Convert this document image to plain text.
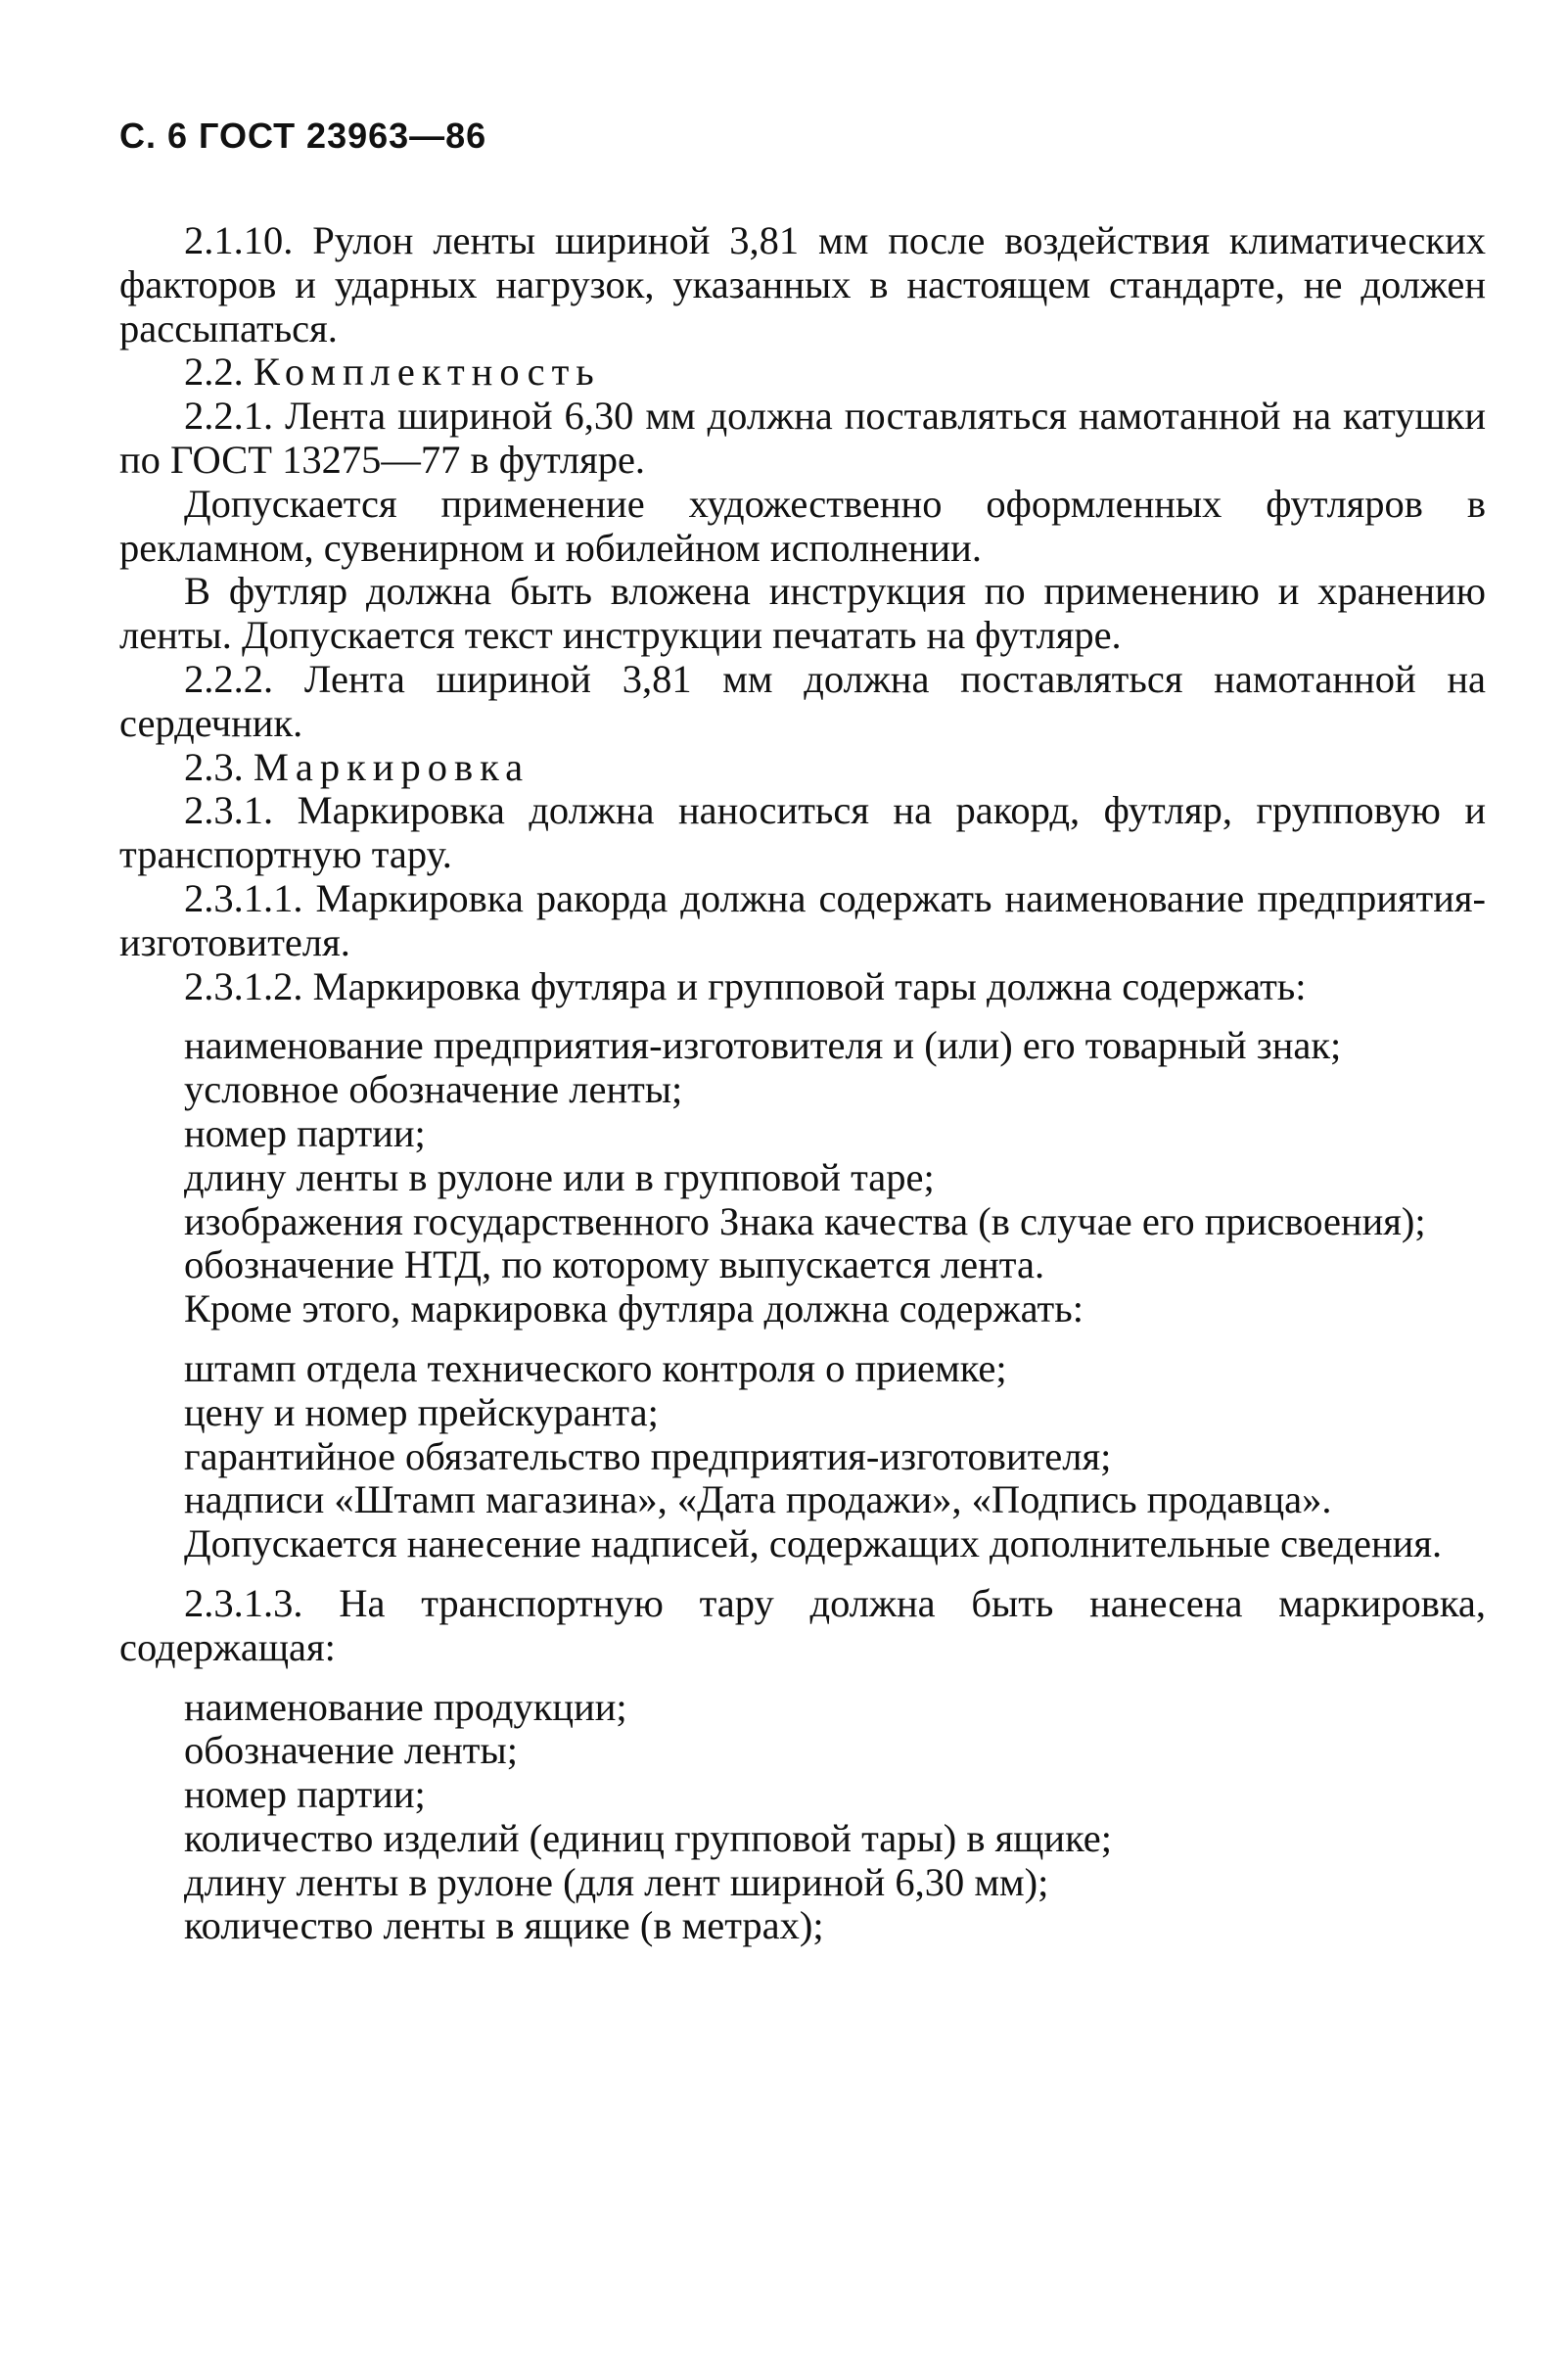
С. 6 ГОСТ 23963—86

2.1.10. Рулон ленты шириной 3,81 мм после воздействия климатических факторов и ударных нагрузок, указанных в настоящем стандарте, не должен рассыпаться.

2.2. Комплектность

2.2.1. Лента шириной 6,30 мм должна поставляться намотанной на катушки по ГОСТ 13275—77 в футляре.

Допускается применение художественно оформленных футляров в рекламном, сувенирном и юбилейном исполнении.

В футляр должна быть вложена инструкция по применению и хранению ленты. Допускается текст инструкции печатать на футляре.

2.2.2. Лента шириной 3,81 мм должна поставляться намотанной на сердечник.

2.3. Маркировка

2.3.1. Маркировка должна наноситься на ракорд, футляр, групповую и транспортную тару.

2.3.1.1. Маркировка ракорда должна содержать наименование предприятия-изготовителя.

2.3.1.2. Маркировка футляра и групповой тары должна содержать:

наименование предприятия-изготовителя и (или) его товарный знак;

условное обозначение ленты;

номер партии;

длину ленты в рулоне или в групповой таре;

изображения государственного Знака качества (в случае его присвоения);

обозначение НТД, по которому выпускается лента.

Кроме этого, маркировка футляра должна содержать:

штамп отдела технического контроля о приемке;

цену и номер прейскуранта;

гарантийное обязательство предприятия-изготовителя;

надписи «Штамп магазина», «Дата продажи», «Подпись продавца».

Допускается нанесение надписей, содержащих дополнительные сведения.

2.3.1.3. На транспортную тару должна быть нанесена маркировка, содержащая:

наименование продукции;

обозначение ленты;

номер партии;

количество изделий (единиц групповой тары) в ящике;

длину ленты в рулоне (для лент шириной 6,30 мм);

количество ленты в ящике (в метрах);
